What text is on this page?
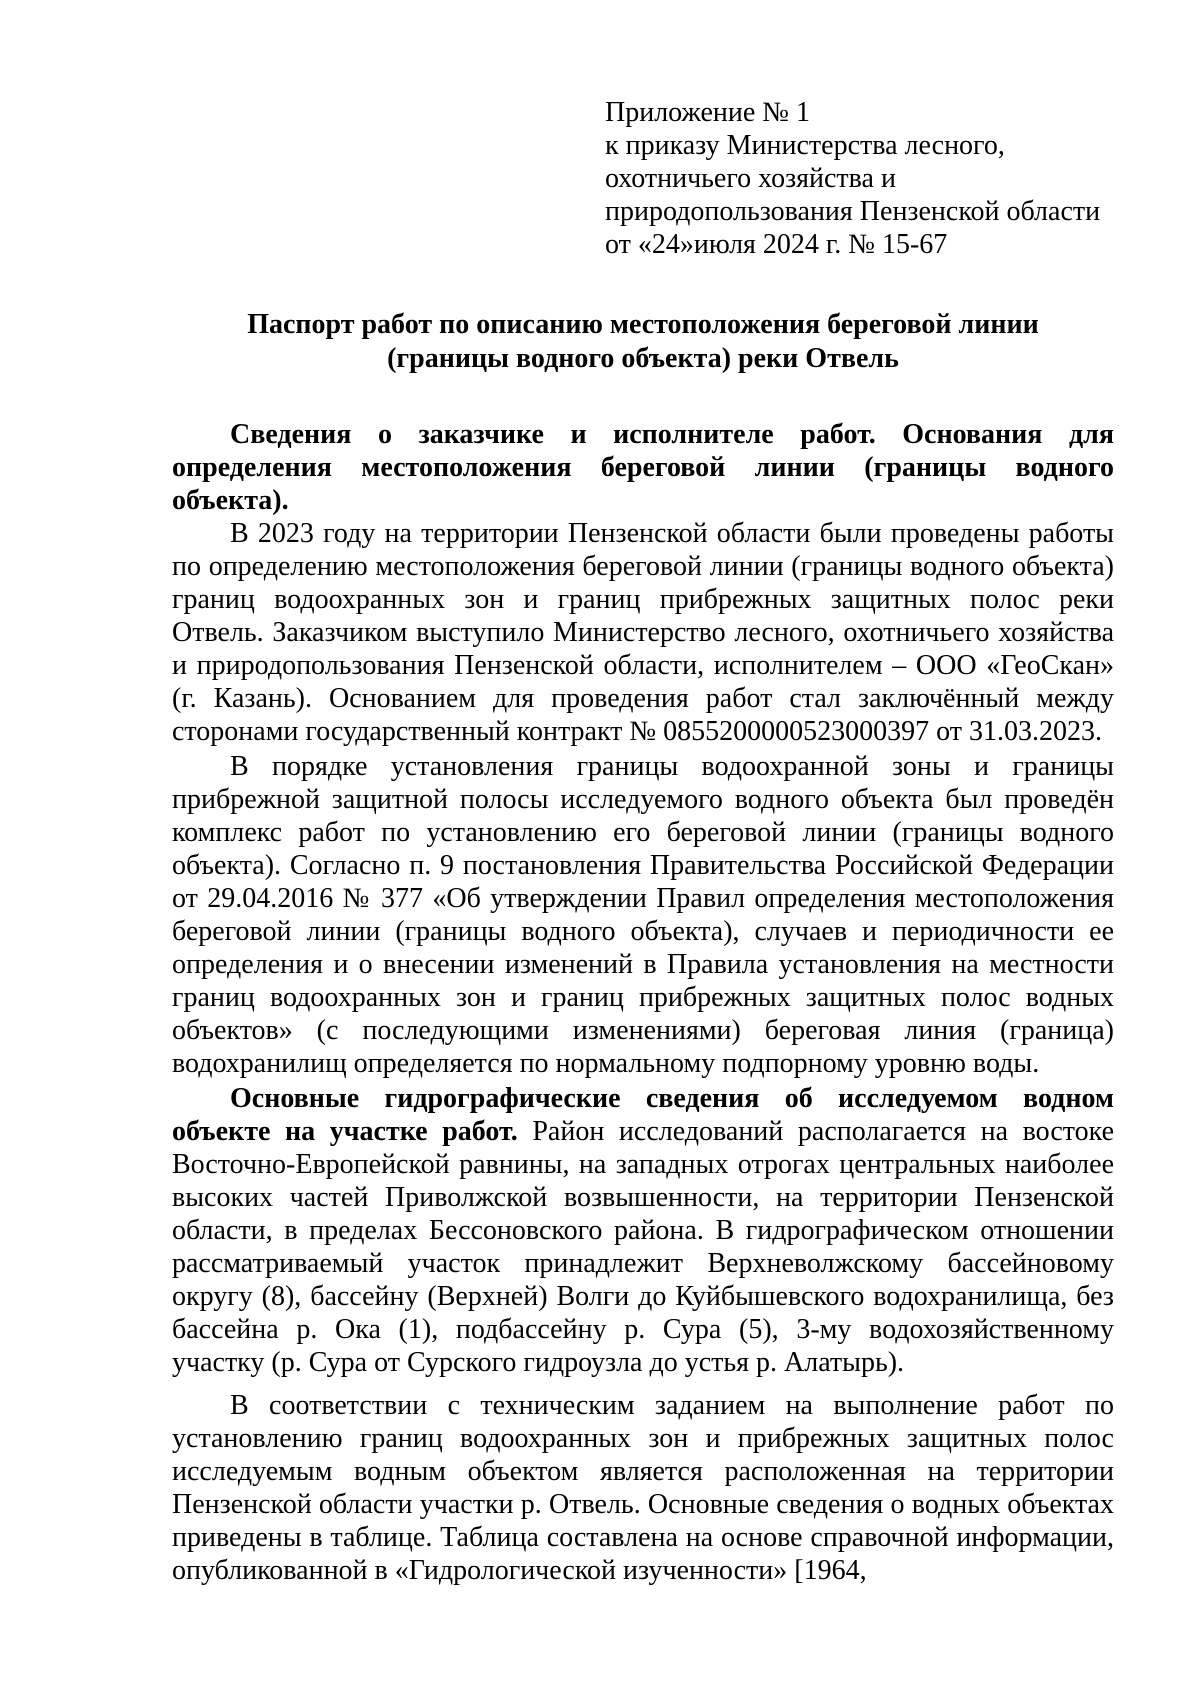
Приложение № 1
к приказу Министерства лесного,
охотничьего хозяйства и
природопользования Пензенской области
от «24»июля 2024 г. № 15-67
Паспорт работ по описанию местоположения береговой линии
(границы водного объекта) реки Отвель

Сведения о заказчике и исполнителе работ. Основания для определения местоположения береговой линии (границы водного объекта).

В 2023 году на территории Пензенской области были проведены работы по определению местоположения береговой линии (границы водного объекта) границ водоохранных зон и границ прибрежных защитных полос реки Отвель. Заказчиком выступило Министерство лесного, охотничьего хозяйства и природопользования Пензенской области, исполнителем – ООО «ГеоСкан» (г. Казань). Основанием для проведения работ стал заключённый между сторонами государственный контракт № 0855200000523000397 от 31.03.2023.

В порядке установления границы водоохранной зоны и границы прибрежной защитной полосы исследуемого водного объекта был проведён комплекс работ по установлению его береговой линии (границы водного объекта). Согласно п. 9 постановления Правительства Российской Федерации от 29.04.2016 № 377 «Об утверждении Правил определения местоположения береговой линии (границы водного объекта), случаев и периодичности ее определения и о внесении изменений в Правила установления на местности границ водоохранных зон и границ прибрежных защитных полос водных объектов» (с последующими изменениями) береговая линия (граница) водохранилищ определяется по нормальному подпорному уровню воды.

Основные гидрографические сведения об исследуемом водном объекте на участке работ. Район исследований располагается на востоке Восточно-Европейской равнины, на западных отрогах центральных наиболее высоких частей Приволжской возвышенности, на территории Пензенской области, в пределах Бессоновского района. В гидрографическом отношении рассматриваемый участок принадлежит Верхневолжскому бассейновому округу (8), бассейну (Верхней) Волги до Куйбышевского водохранилища, без бассейна р. Ока (1), подбассейну р. Сура (5), 3-му водохозяйственному участку (р. Сура от Сурского гидроузла до устья р. Алатырь).

В соответствии с техническим заданием на выполнение работ по установлению границ водоохранных зон и прибрежных защитных полос исследуемым водным объектом является расположенная на территории Пензенской области участки р. Отвель. Основные сведения о водных объектах приведены в таблице. Таблица составлена на основе справочной информации, опубликованной в «Гидрологической изученности» [1964,
